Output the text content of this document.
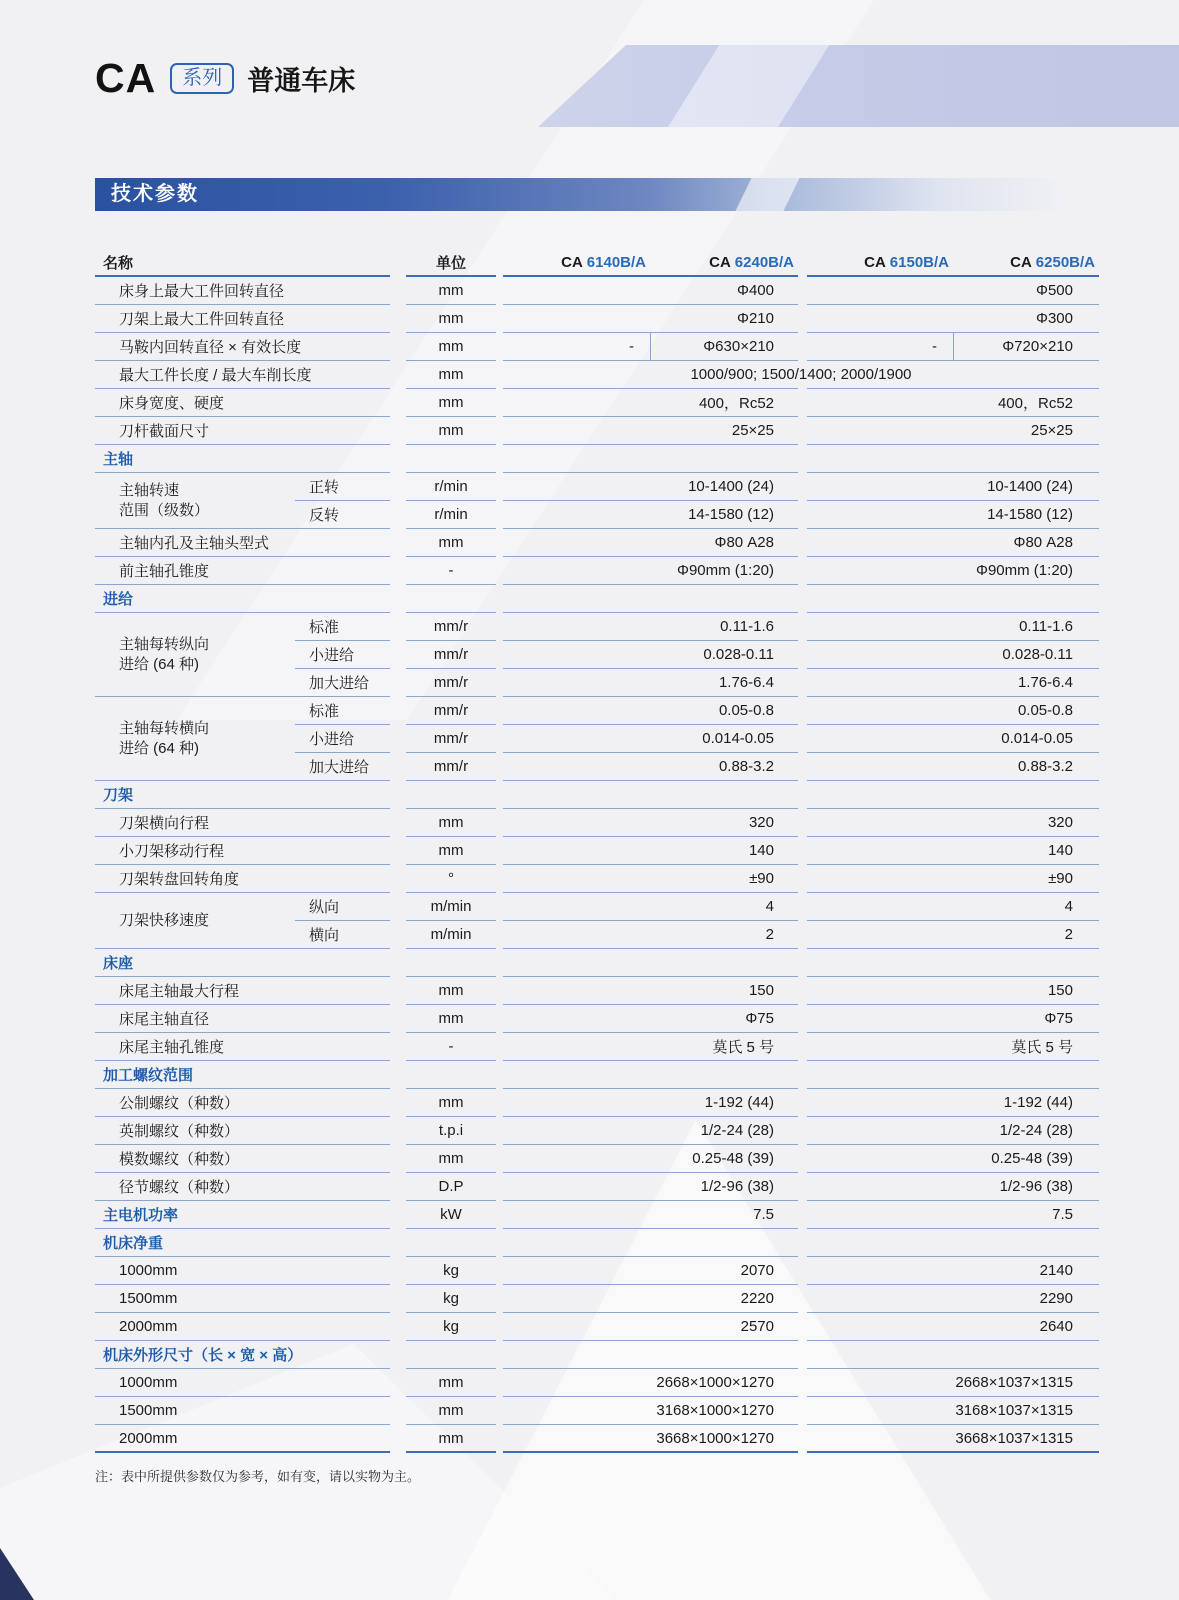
CA	系列 普通车床
技术参数
名称	单位	CA 6140B/A	CA 6240B/A	CA 6150B/A	CA 6250B/A
床身上最大工件回转直径	mm	Φ400	Φ500
刀架上最大工件回转直径	mm	Φ210	Φ300
马鞍内回转直径 × 有效长度	mm	-	Φ630×210	-	Φ720×210
最大工件长度 / 最大车削长度	mm	1000/900; 1500/1400; 2000/1900
床身宽度、硬度	mm	400，Rc52	400，Rc52
刀杆截面尺寸	mm	25×25	25×25
主轴
主轴转速
范围（级数）
正转	r/min	10-1400 (24)	10-1400 (24)
反转	r/min	14-1580 (12)	14-1580 (12)
主轴内孔及主轴头型式	mm	Φ80 A28	Φ80 A28
前主轴孔锥度	-	Φ90mm (1:20)	Φ90mm (1:20)
进给
主轴每转纵向
进给 (64 种)
标准	mm/r	0.11-1.6	0.11-1.6
小进给	mm/r	0.028-0.11	0.028-0.11
加大进给	mm/r	1.76-6.4	1.76-6.4
主轴每转横向
进给 (64 种)
标准	mm/r	0.05-0.8	0.05-0.8
小进给	mm/r	0.014-0.05	0.014-0.05
加大进给	mm/r	0.88-3.2	0.88-3.2
刀架
刀架横向行程	mm	320	320
小刀架移动行程	mm	140	140
刀架转盘回转角度	°	±90	±90
刀架快移速度
纵向	m/min	4	4
横向	m/min	2	2
床座
床尾主轴最大行程	mm	150	150
床尾主轴直径	mm	Φ75	Φ75
床尾主轴孔锥度	-	莫氏 5 号	莫氏 5 号
加工螺纹范围
公制螺纹（种数）	mm	1-192 (44)	1-192 (44)
英制螺纹（种数）	t.p.i	1/2-24 (28)	1/2-24 (28)
模数螺纹（种数）	mm	0.25-48 (39)	0.25-48 (39)
径节螺纹（种数）	D.P	1/2-96 (38)	1/2-96 (38)
主电机功率	kW	7.5	7.5
机床净重
1000mm	kg	2070	2140
1500mm	kg	2220	2290
2000mm	kg	2570	2640
机床外形尺寸（长 × 宽 × 高）
1000mm	mm	2668×1000×1270	2668×1037×1315
1500mm	mm	3168×1000×1270	3168×1037×1315
2000mm	mm	3668×1000×1270	3668×1037×1315
注：表中所提供参数仅为参考，如有变，请以实物为主。
